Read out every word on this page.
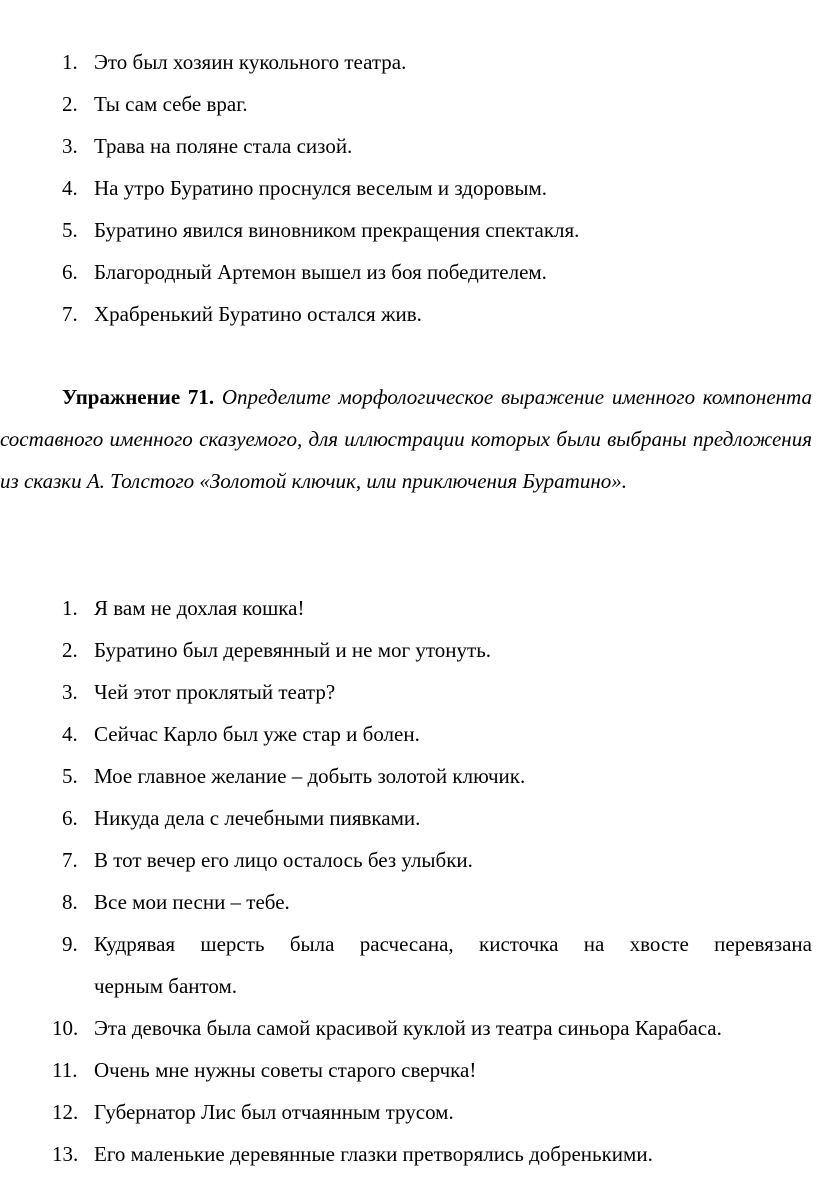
1. Это был хозяин кукольного театра.
2. Ты сам себе враг.
3. Трава на поляне стала сизой.
4. На утро Буратино проснулся веселым и здоровым.
5. Буратино явился виновником прекращения спектакля.
6. Благородный Артемон вышел из боя победителем.
7. Храбренький Буратино остался жив.

Упражнение 71. Определите морфологическое выражение именного компонента составного именного сказуемого, для иллюстрации которых были выбраны предложения из сказки А. Толстого «Золотой ключик, или приключения Буратино».

1. Я вам не дохлая кошка!
2. Буратино был деревянный и не мог утонуть.
3. Чей этот проклятый театр?
4. Сейчас Карло был уже стар и болен.
5. Мое главное желание – добыть золотой ключик.
6. Никуда дела с лечебными пиявками.
7. В тот вечер его лицо осталось без улыбки.
8. Все мои песни – тебе.
9. Кудрявая шерсть была расчесана, кисточка на хвосте перевязана
черным бантом.
10. Эта девочка была самой красивой куклой из театра синьора Карабаса.
11. Очень мне нужны советы старого сверчка!
12. Губернатор Лис был отчаянным трусом.
13. Его маленькие деревянные глазки претворялись добренькими.
